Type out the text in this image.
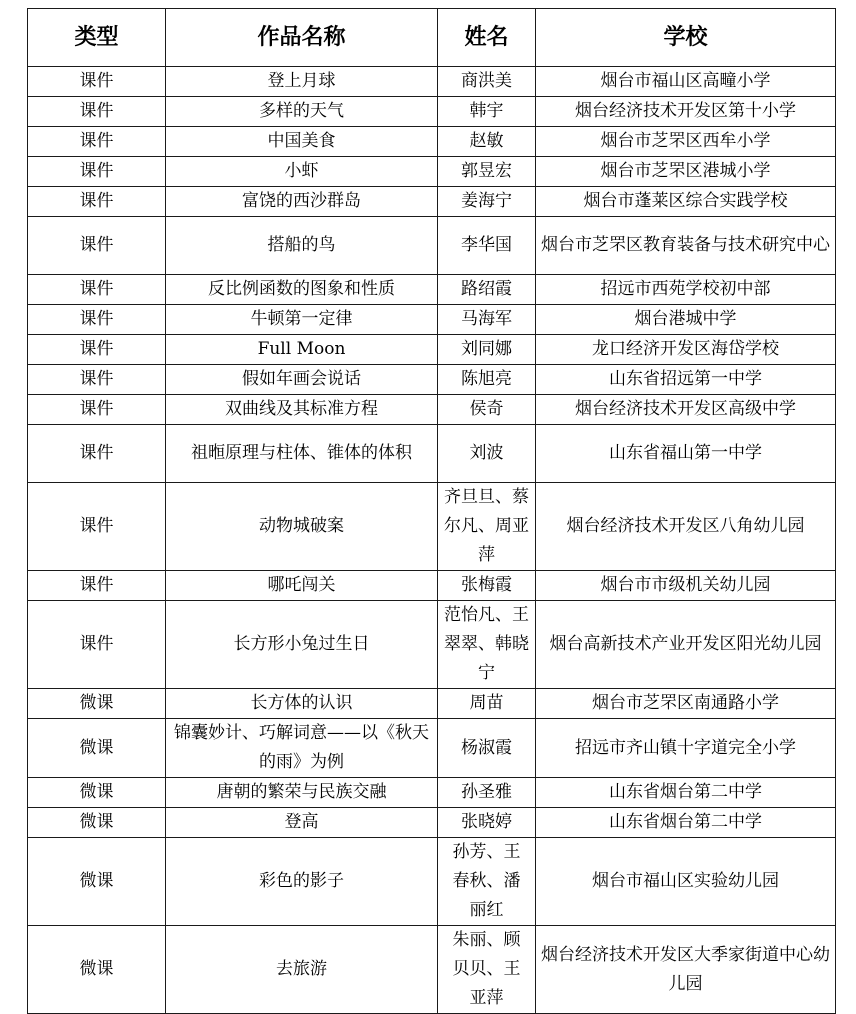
类型	作品名称	姓名	学校
课件	登上月球	商洪美	烟台市福山区高疃小学
课件	多样的天气	韩宇	烟台经济技术开发区第十小学
课件	中国美食	赵敏	烟台市芝罘区西牟小学
课件	小虾	郭昱宏	烟台市芝罘区港城小学
课件	富饶的西沙群岛	姜海宁	烟台市蓬莱区综合实践学校
课件	搭船的鸟	李华国	烟台市芝罘区教育装备与技术研究中心
课件	反比例函数的图象和性质	路绍霞	招远市西苑学校初中部
课件	牛顿第一定律	马海军	烟台港城中学
课件	Full Moon	刘同娜	龙口经济开发区海岱学校
课件	假如年画会说话	陈旭亮	山东省招远第一中学
课件	双曲线及其标准方程	侯奇	烟台经济技术开发区高级中学
课件	祖暅原理与柱体、锥体的体积	刘波	山东省福山第一中学
课件	动物城破案	齐旦旦、蔡尔凡、周亚萍	烟台经济技术开发区八角幼儿园
课件	哪吒闯关	张梅霞	烟台市市级机关幼儿园
课件	长方形小兔过生日	范怡凡、王翠翠、韩晓宁	烟台高新技术产业开发区阳光幼儿园
微课	长方体的认识	周苗	烟台市芝罘区南通路小学
微课	锦囊妙计、巧解词意——以《秋天的雨》为例	杨淑霞	招远市齐山镇十字道完全小学
微课	唐朝的繁荣与民族交融	孙圣雅	山东省烟台第二中学
微课	登高	张晓婷	山东省烟台第二中学
微课	彩色的影子	孙芳、王春秋、潘丽红	烟台市福山区实验幼儿园
微课	去旅游	朱丽、顾贝贝、王亚萍	烟台经济技术开发区大季家街道中心幼儿园
